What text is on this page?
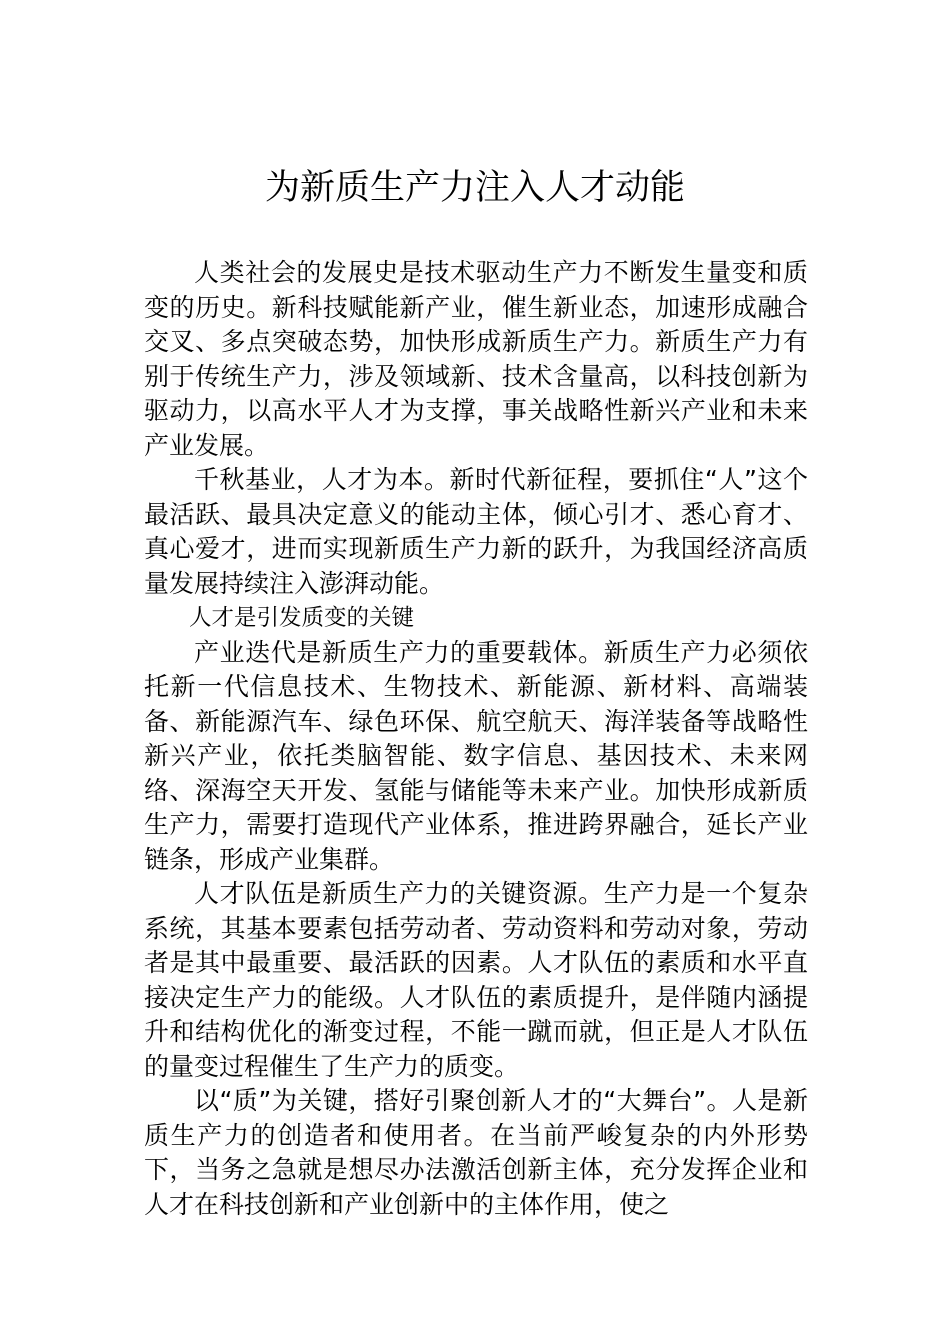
为新质生产力注入人才动能

人类社会的发展史是技术驱动生产力不断发生量变和质变的历史。新科技赋能新产业，催生新业态，加速形成融合交叉、多点突破态势，加快形成新质生产力。新质生产力有别于传统生产力，涉及领域新、技术含量高，以科技创新为驱动力，以高水平人才为支撑，事关战略性新兴产业和未来产业发展。

千秋基业，人才为本。新时代新征程，要抓住“人”这个最活跃、最具决定意义的能动主体，倾心引才、悉心育才、真心爱才，进而实现新质生产力新的跃升，为我国经济高质量发展持续注入澎湃动能。

人才是引发质变的关键

产业迭代是新质生产力的重要载体。新质生产力必须依托新一代信息技术、生物技术、新能源、新材料、高端装备、新能源汽车、绿色环保、航空航天、海洋装备等战略性新兴产业，依托类脑智能、数字信息、基因技术、未来网络、深海空天开发、氢能与储能等未来产业。加快形成新质生产力，需要打造现代产业体系，推进跨界融合，延长产业链条，形成产业集群。

人才队伍是新质生产力的关键资源。生产力是一个复杂系统，其基本要素包括劳动者、劳动资料和劳动对象，劳动者是其中最重要、最活跃的因素。人才队伍的素质和水平直接决定生产力的能级。人才队伍的素质提升，是伴随内涵提升和结构优化的渐变过程，不能一蹴而就，但正是人才队伍的量变过程催生了生产力的质变。

以“质”为关键，搭好引聚创新人才的“大舞台”。人是新质生产力的创造者和使用者。在当前严峻复杂的内外形势下，当务之急就是想尽办法激活创新主体，充分发挥企业和人才在科技创新和产业创新中的主体作用，使之
